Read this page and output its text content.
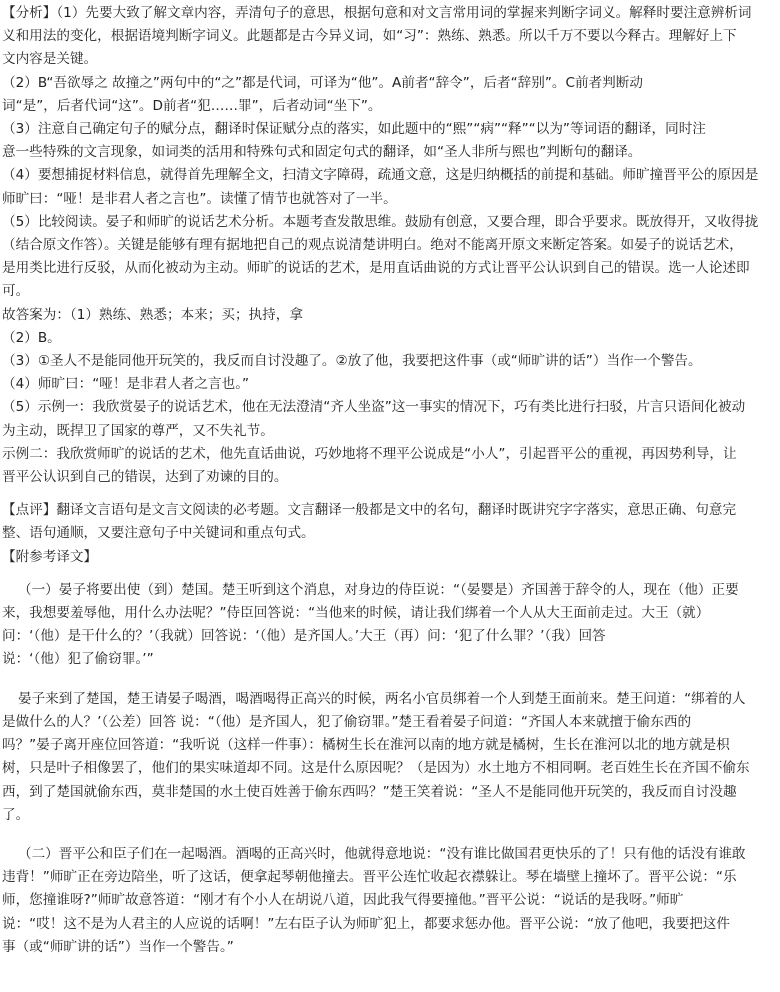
【分析】（1）先要大致了解文章内容，弄清句子的意思，根据句意和对文言常用词的掌握来判断字词义。解释时要注意辨析词
义和用法的变化，根据语境判断字词义。此题都是古今异义词，如“习”：熟练、熟悉。所以千万不要以今释古。理解好上下
文内容是关键。
（2）B“吾欲辱之 故撞之”两句中的“之”都是代词，可译为“他”。A前者“辞令”，后者“辞别”。C前者判断动
词“是”，后者代词“这”。D前者“犯……罪”，后者动词“坐下”。
（3）注意自己确定句子的赋分点，翻译时保证赋分点的落实，如此题中的“熙”“病”“释”“以为”等词语的翻译，同时注
意一些特殊的文言现象，如词类的活用和特殊句式和固定句式的翻译，如“圣人非所与熙也”判断句的翻译。
（4）要想捕捉材料信息，就得首先理解全文，扫清文字障碍，疏通文意，这是归纳概括的前提和基础。师旷撞晋平公的原因是
师旷曰：“哑！是非君人者之言也”。读懂了情节也就答对了一半。
（5）比较阅读。晏子和师旷的说话艺术分析。本题考查发散思维。鼓励有创意，又要合理，即合乎要求。既放得开，又收得拢
（结合原文作答）。关键是能够有理有据地把自己的观点说清楚讲明白。绝对不能离开原文来断定答案。如晏子的说话艺术，
是用类比进行反驳，从而化被动为主动。师旷的说话的艺术，是用直话曲说的方式让晋平公认识到自己的错误。选一人论述即
可。
故答案为：（1）熟练、熟悉；本来；买；执持，拿
（2）B。
（3）①圣人不是能同他开玩笑的，我反而自讨没趣了。②放了他，我要把这件事（或“师旷讲的话”）当作一个警告。
（4）师旷曰：“哑！是非君人者之言也。”
（5）示例一：我欣赏晏子的说话艺术，他在无法澄清“齐人坐盗”这一事实的情况下，巧有类比进行扫驳，片言只语间化被动
为主动，既捍卫了国家的尊严，又不失礼节。
示例二：我欣赏师旷的说话的艺术，他先直话曲说，巧妙地将不理平公说成是“小人”，引起晋平公的重视，再因势利导，让
晋平公认识到自己的错误，达到了劝谏的目的。
【点评】翻译文言语句是文言文阅读的必考题。文言翻译一般都是文中的名句，翻译时既讲究字字落实，意思正确、句意完
整、语句通顺，又要注意句子中关键词和重点句式。
【附参考译文】
（一）晏子将要出使（到）楚国。楚王听到这个消息，对身边的侍臣说：“（晏婴是）齐国善于辞令的人，现在（他）正要
来，我想要羞辱他，用什么办法呢？”侍臣回答说：“当他来的时候，请让我们绑着一个人从大王面前走过。大王（就）
问：‘（他）是干什么的？’（我就）回答说：‘（他）是齐国人。’大王（再）问：‘犯了什么罪？’（我）回答
说：‘（他）犯了偷窃罪。’”
晏子来到了楚国，楚王请晏子喝酒，喝酒喝得正高兴的时候，两名小官员绑着一个人到楚王面前来。楚王问道：“绑着的人
是做什么的人？’（公差）回答 说：“（他）是齐国人，犯了偷窃罪。”楚王看着晏子问道：“齐国人本来就擅于偷东西的
吗？”晏子离开座位回答道：“我听说（这样一件事）：橘树生长在淮河以南的地方就是橘树，生长在淮河以北的地方就是枳
树，只是叶子相像罢了，他们的果实味道却不同。这是什么原因呢？（是因为）水土地方不相同啊。老百姓生长在齐国不偷东
西，到了楚国就偷东西，莫非楚国的水土使百姓善于偷东西吗？”楚王笑着说：“圣人不是能同他开玩笑的，我反而自讨没趣
了。
（二）晋平公和臣子们在一起喝酒。酒喝的正高兴时，他就得意地说：“没有谁比做国君更快乐的了！只有他的话没有谁敢
违背！”师旷正在旁边陪坐，听了这话，便拿起琴朝他撞去。晋平公连忙收起衣襟躲让。琴在墙壁上撞坏了。晋平公说：“乐
师，您撞谁呀?”师旷故意答道：“刚才有个小人在胡说八道，因此我气得要撞他。”晋平公说：“说话的是我呀。”师旷
说：“哎！这不是为人君主的人应说的话啊！”左右臣子认为师旷犯上，都要求惩办他。晋平公说：“放了他吧，我要把这件
事（或“师旷讲的话”）当作一个警告。”
